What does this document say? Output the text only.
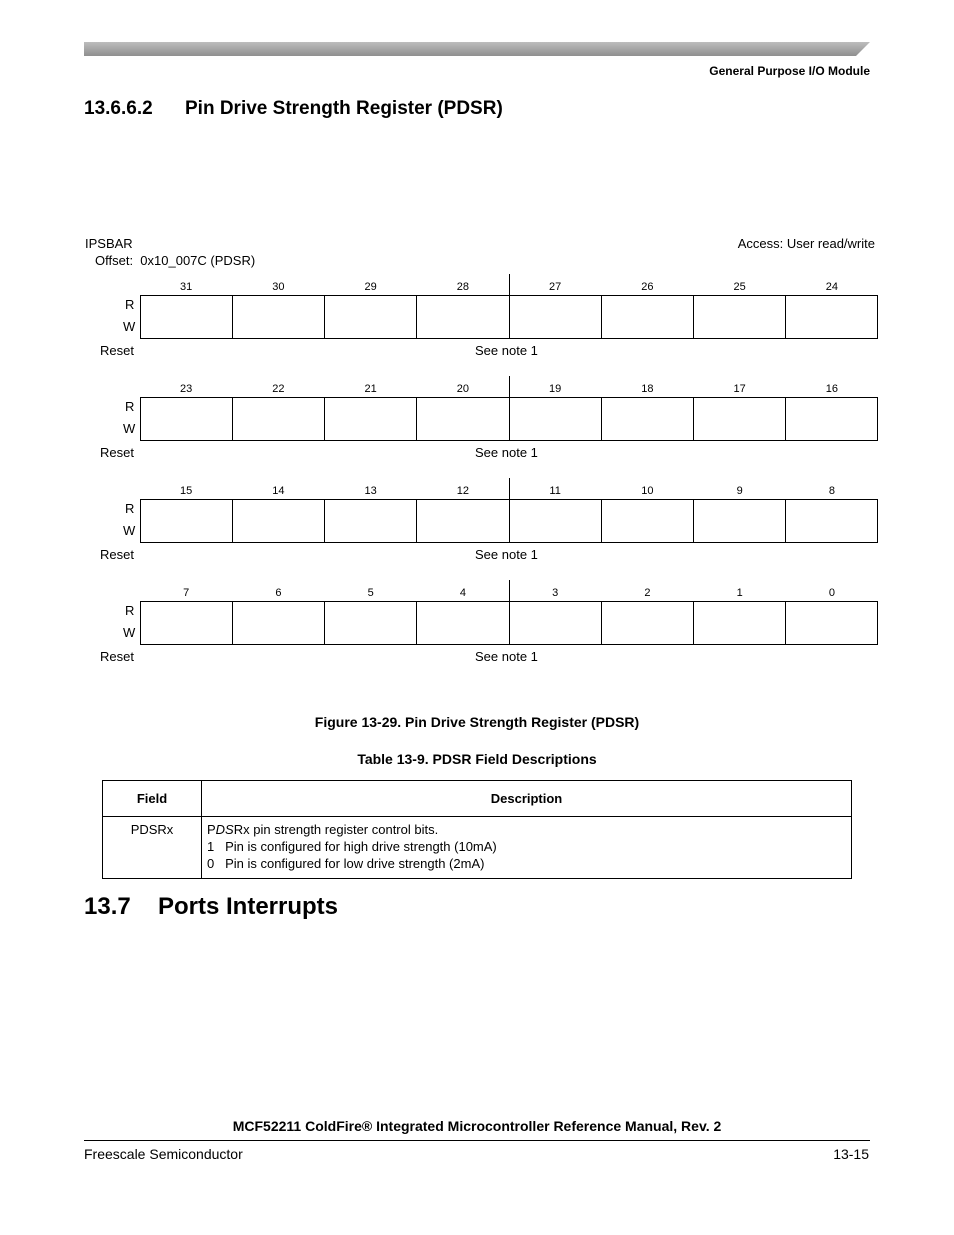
General Purpose I/O Module
13.6.6.2 Pin Drive Strength Register (PDSR)
IPSBAR
Offset: 0x10_007C (PDSR)
Access: User read/write
31	30	29	28	27	26	25	24
R
W
Reset	See note 1
23	22	21	20	19	18	17	16
R
W
Reset	See note 1
15	14	13	12	11	10	9	8
R
W
Reset	See note 1
7	6	5	4	3	2	1	0
R
W
Reset	See note 1
Figure 13-29. Pin Drive Strength Register (PDSR)
Table 13-9. PDSR Field Descriptions
Field	Description
PDSRx	PDSRx pin strength register control bits.
1   Pin is configured for high drive strength (10mA)
0   Pin is configured for low drive strength (2mA)
13.7 Ports Interrupts
MCF52211 ColdFire® Integrated Microcontroller Reference Manual, Rev. 2
Freescale Semiconductor	13-15
